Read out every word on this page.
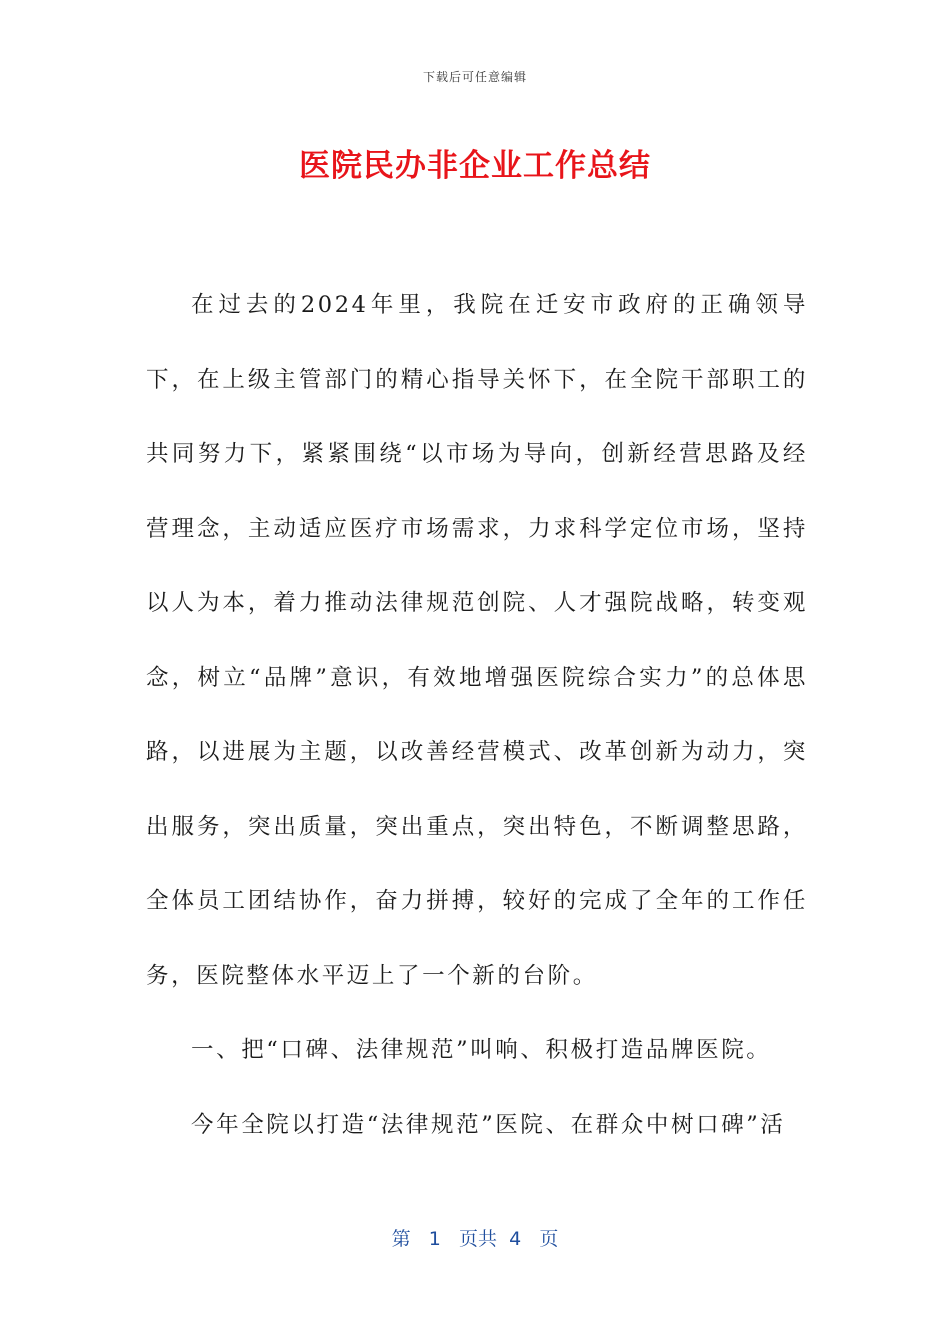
下载后可任意编辑
医院民办非企业工作总结

在过去的2024年里，我院在迁安市政府的正确领导下，在上级主管部门的精心指导关怀下，在全院干部职工的共同努力下，紧紧围绕“以市场为导向，创新经营思路及经营理念，主动适应医疗市场需求，力求科学定位市场，坚持以人为本，着力推动法律规范创院、人才强院战略，转变观念，树立“品牌”意识，有效地增强医院综合实力”的总体思路，以进展为主题，以改善经营模式、改革创新为动力，突出服务，突出质量，突出重点，突出特色，不断调整思路，全体员工团结协作，奋力拼搏，较好的完成了全年的工作任务，医院整体水平迈上了一个新的台阶。

一、把“口碑、法律规范”叫响、积极打造品牌医院。

今年全院以打造“法律规范”医院、在群众中树口碑”活

第 1 页共 4 页
